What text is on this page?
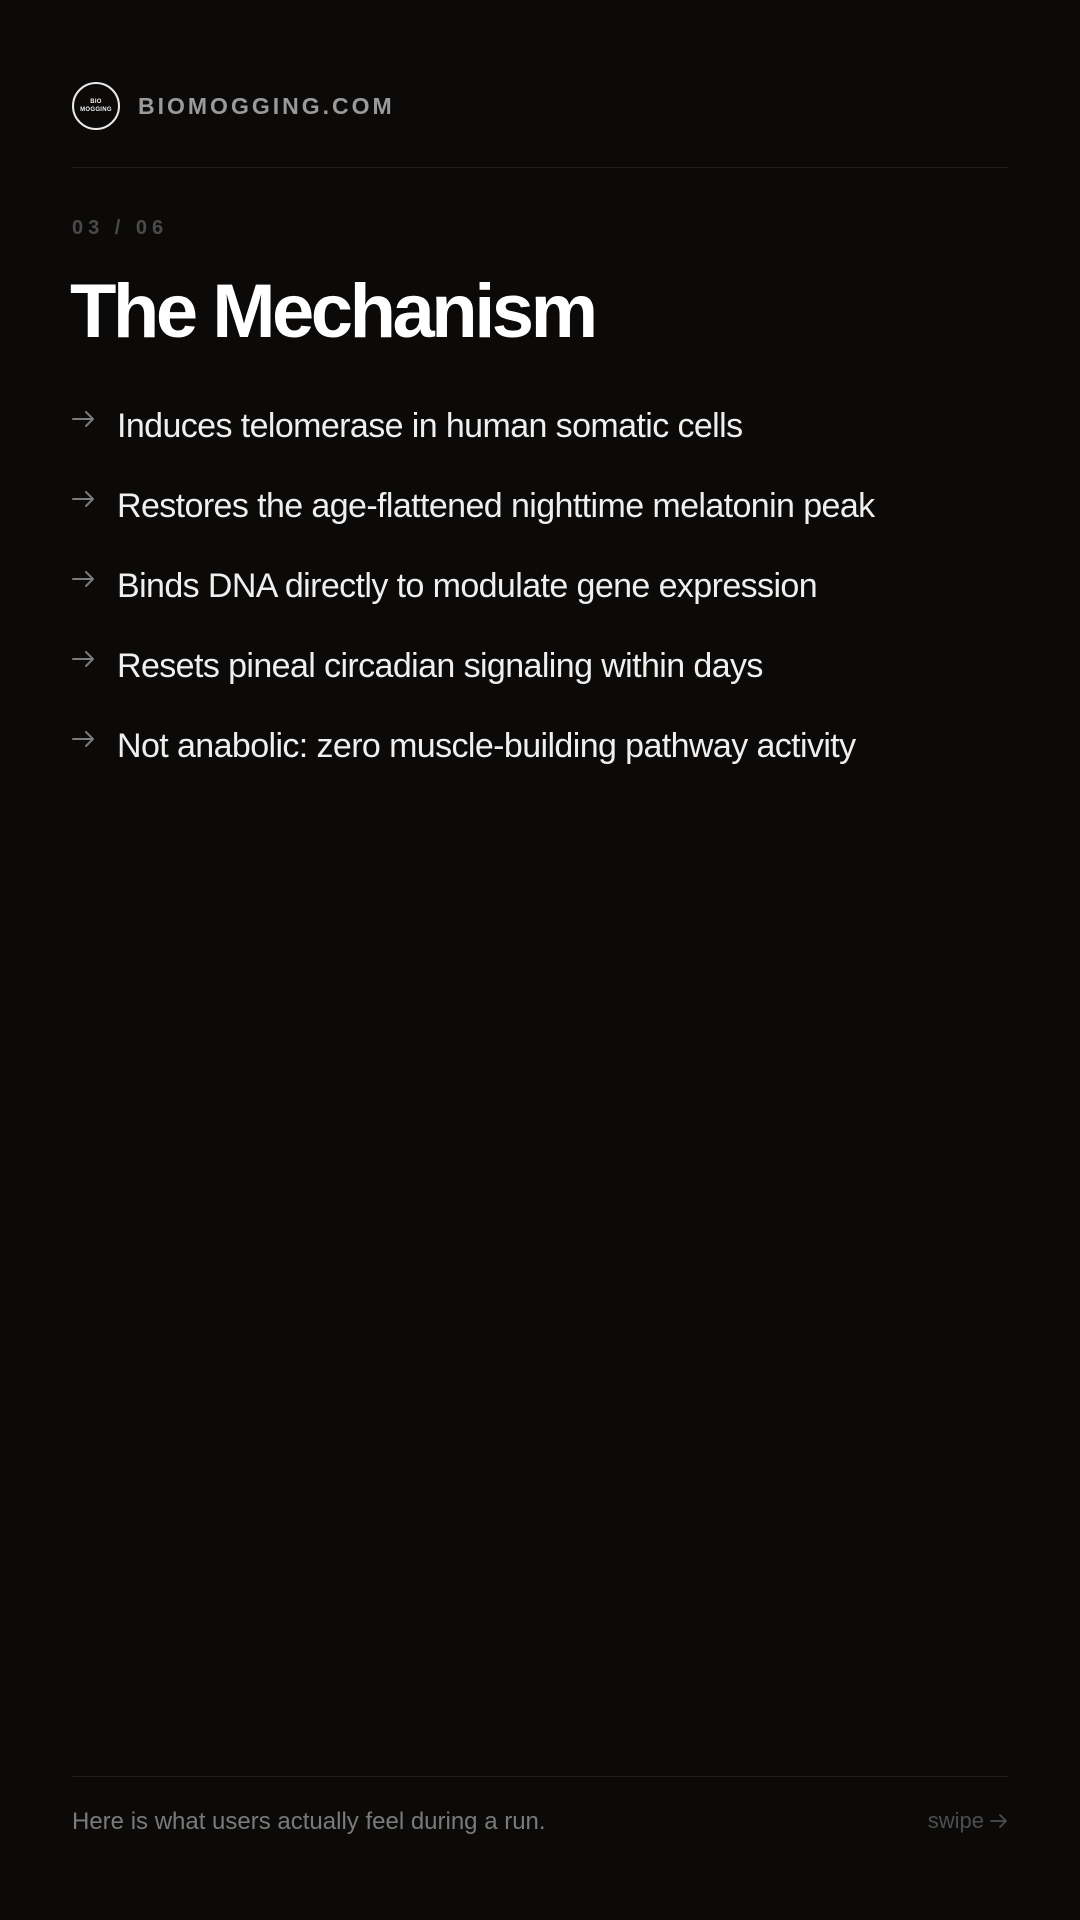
BIO
MOGGING BIOMOGGING.COM
03 / 06
The Mechanism
Induces telomerase in human somatic cells
Restores the age-flattened nighttime melatonin peak
Binds DNA directly to modulate gene expression
Resets pineal circadian signaling within days
Not anabolic: zero muscle-building pathway activity
Here is what users actually feel during a run.	swipe
